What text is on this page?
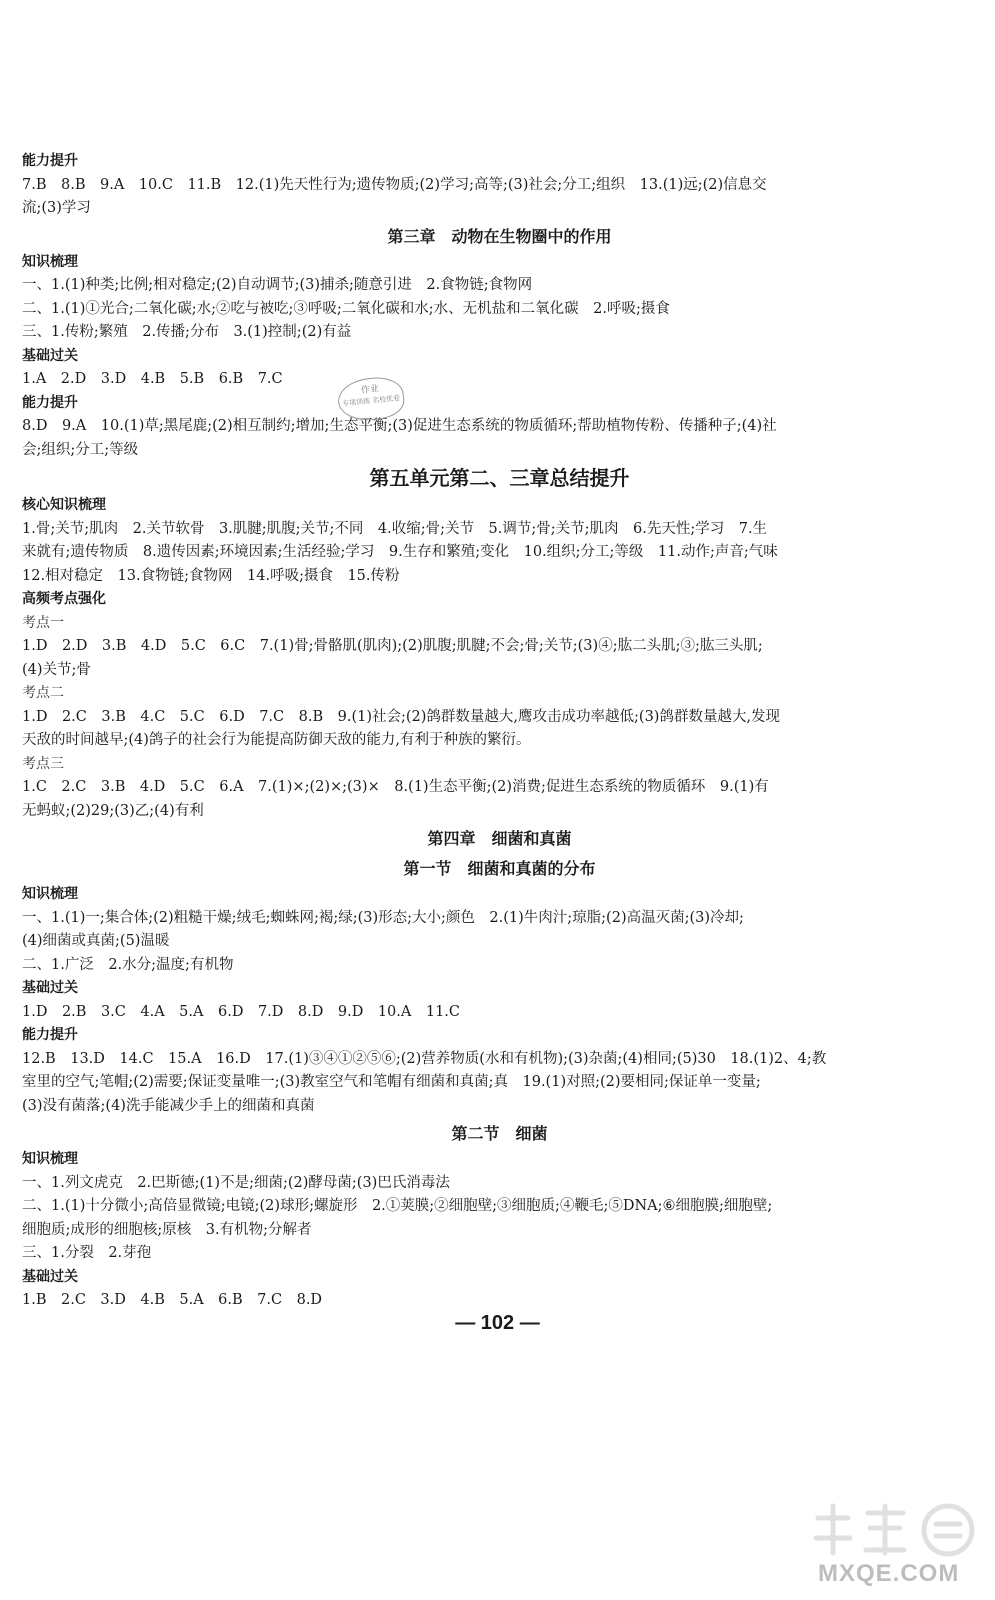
能力提升
7.B　8.B　9.A　10.C　11.B　12.(1)先天性行为;遗传物质;(2)学习;高等;(3)社会;分工;组织　13.(1)远;(2)信息交
流;(3)学习
第三章　动物在生物圈中的作用
知识梳理
一、1.(1)种类;比例;相对稳定;(2)自动调节;(3)捕杀;随意引进　2.食物链;食物网
二、1.(1)①光合;二氧化碳;水;②吃与被吃;③呼吸;二氧化碳和水;水、无机盐和二氧化碳　2.呼吸;摄食
三、1.传粉;繁殖　2.传播;分布　3.(1)控制;(2)有益
基础过关
1.A　2.D　3.D　4.B　5.B　6.B　7.C
能力提升
8.D　9.A　10.(1)草;黑尾鹿;(2)相互制约;增加;生态平衡;(3)促进生态系统的物质循环;帮助植物传粉、传播种子;(4)社
会;组织;分工;等级
第五单元第二、三章总结提升
核心知识梳理
1.骨;关节;肌肉　2.关节软骨　3.肌腱;肌腹;关节;不同　4.收缩;骨;关节　5.调节;骨;关节;肌肉　6.先天性;学习　7.生
来就有;遗传物质　8.遗传因素;环境因素;生活经验;学习　9.生存和繁殖;变化　10.组织;分工;等级　11.动作;声音;气味
12.相对稳定　13.食物链;食物网　14.呼吸;摄食　15.传粉
高频考点强化
考点一
1.D　2.D　3.B　4.D　5.C　6.C　7.(1)骨;骨骼肌(肌肉);(2)肌腹;肌腱;不会;骨;关节;(3)④;肱二头肌;③;肱三头肌;
(4)关节;骨
考点二
1.D　2.C　3.B　4.C　5.C　6.D　7.C　8.B　9.(1)社会;(2)鸽群数量越大,鹰攻击成功率越低;(3)鸽群数量越大,发现
天敌的时间越早;(4)鸽子的社会行为能提高防御天敌的能力,有利于种族的繁衍。
考点三
1.C　2.C　3.B　4.D　5.C　6.A　7.(1)×;(2)×;(3)×　8.(1)生态平衡;(2)消费;促进生态系统的物质循环　9.(1)有
无蚂蚁;(2)29;(3)乙;(4)有利
第四章　细菌和真菌
第一节　细菌和真菌的分布
知识梳理
一、1.(1)一;集合体;(2)粗糙干燥;绒毛;蜘蛛网;褐;绿;(3)形态;大小;颜色　2.(1)牛肉汁;琼脂;(2)高温灭菌;(3)冷却;
(4)细菌或真菌;(5)温暖
二、1.广泛　2.水分;温度;有机物
基础过关
1.D　2.B　3.C　4.A　5.A　6.D　7.D　8.D　9.D　10.A　11.C
能力提升
12.B　13.D　14.C　15.A　16.D　17.(1)③④①②⑤⑥;(2)营养物质(水和有机物);(3)杂菌;(4)相同;(5)30　18.(1)2、4;教
室里的空气;笔帽;(2)需要;保证变量唯一;(3)教室空气和笔帽有细菌和真菌;真　19.(1)对照;(2)要相同;保证单一变量;
(3)没有菌落;(4)洗手能减少手上的细菌和真菌
第二节　细菌
知识梳理
一、1.列文虎克　2.巴斯德;(1)不是;细菌;(2)酵母菌;(3)巴氏消毒法
二、1.(1)十分微小;高倍显微镜;电镜;(2)球形;螺旋形　2.①荚膜;②细胞壁;③细胞质;④鞭毛;⑤DNA;⑥细胞膜;细胞壁;
细胞质;成形的细胞核;原核　3.有机物;分解者
三、1.分裂　2.芽孢
基础过关
1.B　2.C　3.D　4.B　5.A　6.B　7.C　8.D
作业
专项训练 名校优卷
— 102 —
MXQE.COM
